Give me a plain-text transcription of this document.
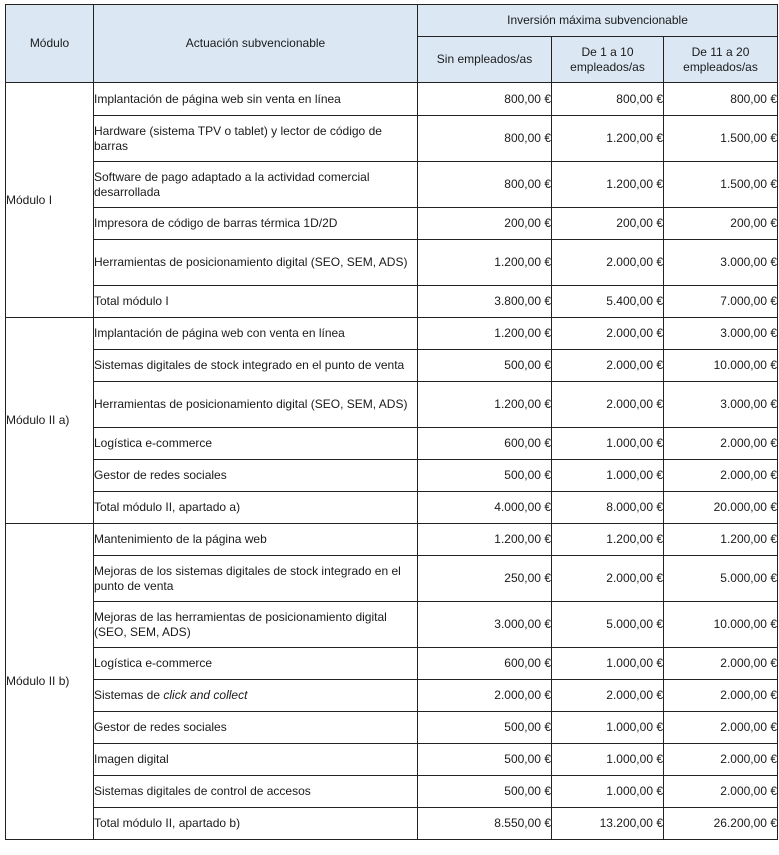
Módulo	Actuación subvencionable	Inversión máxima subvencionable		
		Sin empleados/as	De 1 a 10 empleados/as	De 11 a 20 empleados/as
Módulo I	Implantación de página web sin venta en línea	800,00 €	800,00 €	800,00 €
	Hardware (sistema TPV o tablet) y lector de código de barras	800,00 €	1.200,00 €	1.500,00 €
	Software de pago adaptado a la actividad comercial desarrollada	800,00 €	1.200,00 €	1.500,00 €
	Impresora de código de barras térmica 1D/2D	200,00 €	200,00 €	200,00 €
	Herramientas de posicionamiento digital (SEO, SEM, ADS)	1.200,00 €	2.000,00 €	3.000,00 €
	Total módulo I	3.800,00 €	5.400,00 €	7.000,00 €
Módulo II a)	Implantación de página web con venta en línea	1.200,00 €	2.000,00 €	3.000,00 €
	Sistemas digitales de stock integrado en el punto de venta	500,00 €	2.000,00 €	10.000,00 €
	Herramientas de posicionamiento digital (SEO, SEM, ADS)	1.200,00 €	2.000,00 €	3.000,00 €
	Logística e-commerce	600,00 €	1.000,00 €	2.000,00 €
	Gestor de redes sociales	500,00 €	1.000,00 €	2.000,00 €
	Total módulo II, apartado a)	4.000,00 €	8.000,00 €	20.000,00 €
Módulo II b)	Mantenimiento de la página web	1.200,00 €	1.200,00 €	1.200,00 €
	Mejoras de los sistemas digitales de stock integrado en el punto de venta	250,00 €	2.000,00 €	5.000,00 €
	Mejoras de las herramientas de posicionamiento digital (SEO, SEM, ADS)	3.000,00 €	5.000,00 €	10.000,00 €
	Logística e-commerce	600,00 €	1.000,00 €	2.000,00 €
	Sistemas de click and collect	2.000,00 €	2.000,00 €	2.000,00 €
	Gestor de redes sociales	500,00 €	1.000,00 €	2.000,00 €
	Imagen digital	500,00 €	1.000,00 €	2.000,00 €
	Sistemas digitales de control de accesos	500,00 €	1.000,00 €	2.000,00 €
	Total módulo II, apartado b)	8.550,00 €	13.200,00 €	26.200,00 €
